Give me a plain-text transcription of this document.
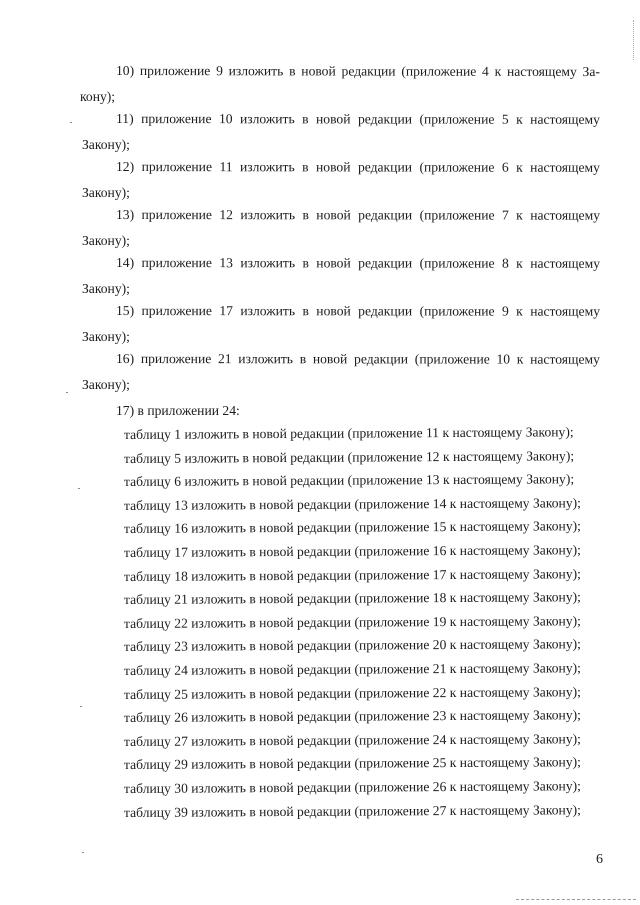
17) в приложении 24:
6
10) приложение 9 изложить в новой редакции (приложение 4 к настоящему За-
кону);
11) приложение 10 изложить в новой редакции (приложение 5 к настоящему
Закону);
12) приложение 11 изложить в новой редакции (приложение 6 к настоящему
Закону);
13) приложение 12 изложить в новой редакции (приложение 7 к настоящему
Закону);
14) приложение 13 изложить в новой редакции (приложение 8 к настоящему
Закону);
15) приложение 17 изложить в новой редакции (приложение 9 к настоящему
Закону);
16) приложение 21 изложить в новой редакции (приложение 10 к настоящему
Закону);
таблицу 1 изложить в новой редакции (приложение 11 к настоящему Закону);
таблицу 5 изложить в новой редакции (приложение 12 к настоящему Закону);
таблицу 6 изложить в новой редакции (приложение 13 к настоящему Закону);
таблицу 13 изложить в новой редакции (приложение 14 к настоящему Закону);
таблицу 16 изложить в новой редакции (приложение 15 к настоящему Закону);
таблицу 17 изложить в новой редакции (приложение 16 к настоящему Закону);
таблицу 18 изложить в новой редакции (приложение 17 к настоящему Закону);
таблицу 21 изложить в новой редакции (приложение 18 к настоящему Закону);
таблицу 22 изложить в новой редакции (приложение 19 к настоящему Закону);
таблицу 23 изложить в новой редакции (приложение 20 к настоящему Закону);
таблицу 24 изложить в новой редакции (приложение 21 к настоящему Закону);
таблицу 25 изложить в новой редакции (приложение 22 к настоящему Закону);
таблицу 26 изложить в новой редакции (приложение 23 к настоящему Закону);
таблицу 27 изложить в новой редакции (приложение 24 к настоящему Закону);
таблицу 29 изложить в новой редакции (приложение 25 к настоящему Закону);
таблицу 30 изложить в новой редакции (приложение 26 к настоящему Закону);
таблицу 39 изложить в новой редакции (приложение 27 к настоящему Закону);
